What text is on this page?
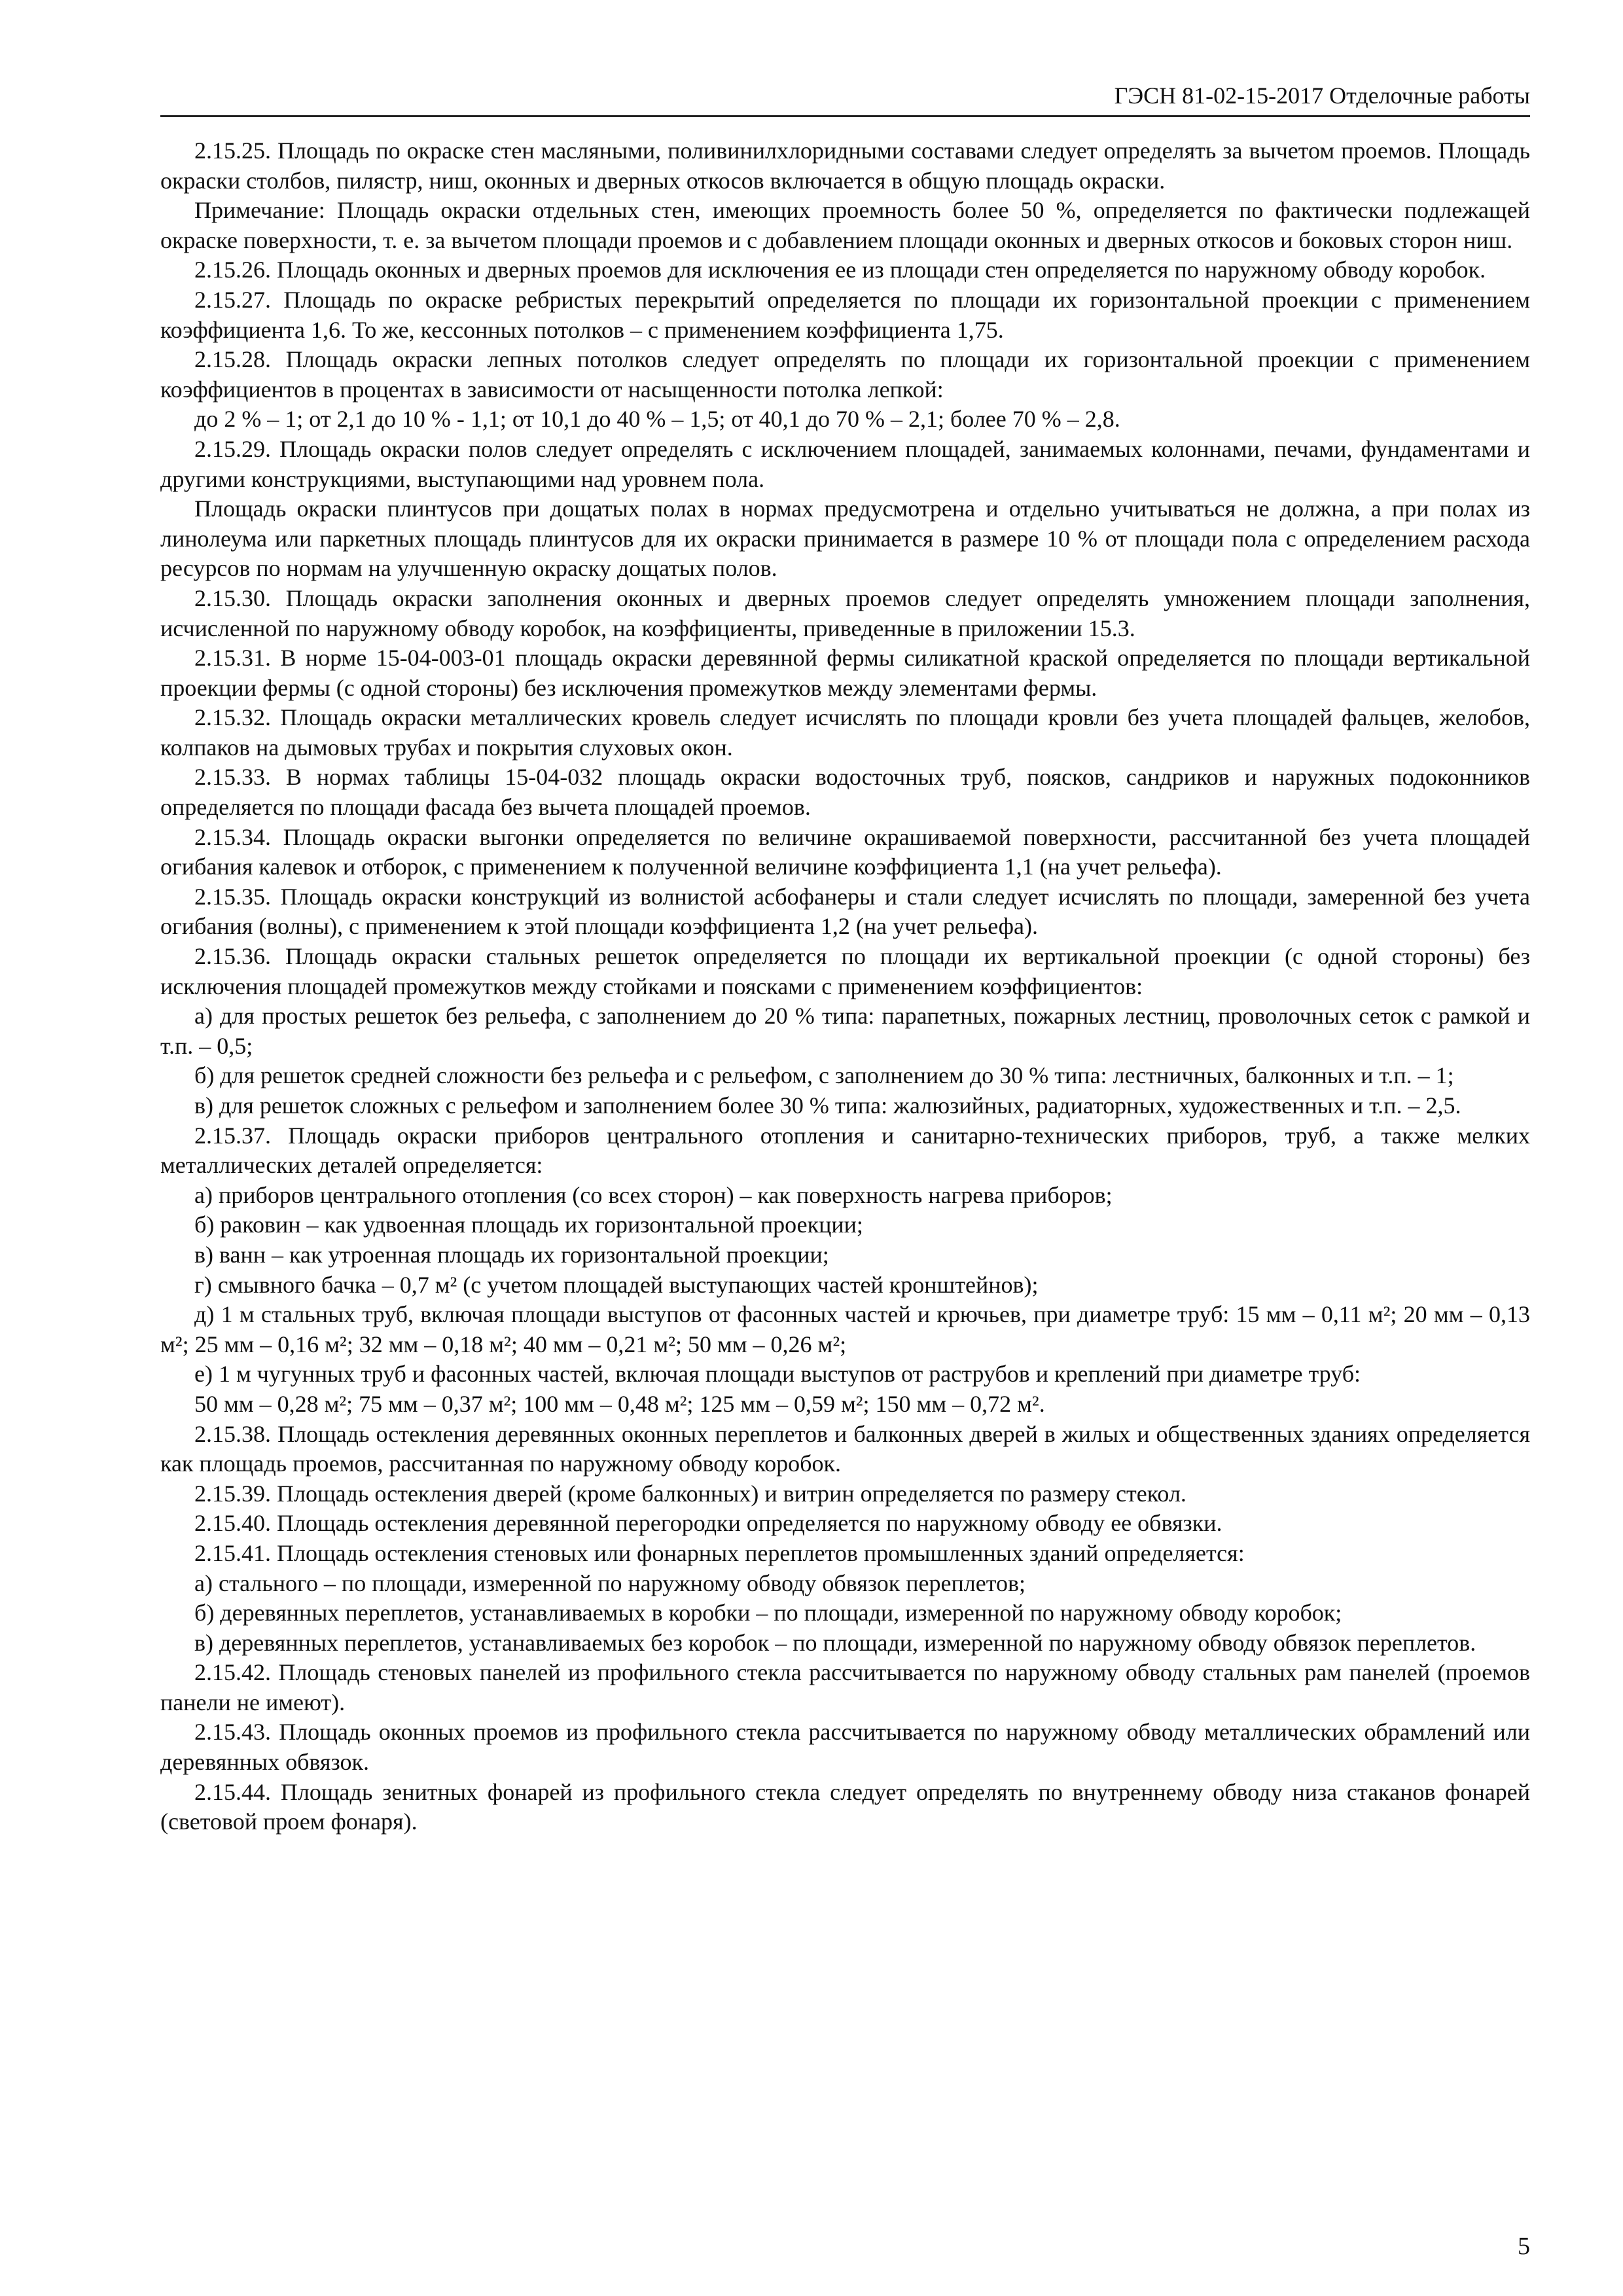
ГЭСН 81-02-15-2017 Отделочные работы

2.15.25. Площадь по окраске стен масляными, поливинилхлоридными составами следует определять за вычетом проемов. Площадь окраски столбов, пилястр, ниш, оконных и дверных откосов включается в общую площадь окраски.

Примечание: Площадь окраски отдельных стен, имеющих проемность более 50 %, определяется по фактически подлежащей окраске поверхности, т. е. за вычетом площади проемов и с добавлением площади оконных и дверных откосов и боковых сторон ниш.

2.15.26. Площадь оконных и дверных проемов для исключения ее из площади стен определяется по наружному обводу коробок.

2.15.27. Площадь по окраске ребристых перекрытий определяется по площади их горизонтальной проекции с применением коэффициента 1,6. То же, кессонных потолков – с применением коэффициента 1,75.

2.15.28. Площадь окраски лепных потолков следует определять по площади их горизонтальной проекции с применением коэффициентов в процентах в зависимости от насыщенности потолка лепкой:

до 2 % – 1; от 2,1 до 10 % - 1,1; от 10,1 до 40 % – 1,5; от 40,1 до 70 % – 2,1; более 70 % – 2,8.

2.15.29. Площадь окраски полов следует определять с исключением площадей, занимаемых колоннами, печами, фундаментами и другими конструкциями, выступающими над уровнем пола.

Площадь окраски плинтусов при дощатых полах в нормах предусмотрена и отдельно учитываться не должна, а при полах из линолеума или паркетных площадь плинтусов для их окраски принимается в размере 10 % от площади пола с определением расхода ресурсов по нормам на улучшенную окраску дощатых полов.

2.15.30. Площадь окраски заполнения оконных и дверных проемов следует определять умножением площади заполнения, исчисленной по наружному обводу коробок, на коэффициенты, приведенные в приложении 15.3.

2.15.31. В норме 15-04-003-01 площадь окраски деревянной фермы силикатной краской определяется по площади вертикальной проекции фермы (с одной стороны) без исключения промежутков между элементами фермы.

2.15.32. Площадь окраски металлических кровель следует исчислять по площади кровли без учета площадей фальцев, желобов, колпаков на дымовых трубах и покрытия слуховых окон.

2.15.33. В нормах таблицы 15-04-032 площадь окраски водосточных труб, поясков, сандриков и наружных подоконников определяется по площади фасада без вычета площадей проемов.

2.15.34. Площадь окраски выгонки определяется по величине окрашиваемой поверхности, рассчитанной без учета площадей огибания калевок и отборок, с применением к полученной величине коэффициента 1,1 (на учет рельефа).

2.15.35. Площадь окраски конструкций из волнистой асбофанеры и стали следует исчислять по площади, замеренной без учета огибания (волны), с применением к этой площади коэффициента 1,2 (на учет рельефа).

2.15.36. Площадь окраски стальных решеток определяется по площади их вертикальной проекции (с одной стороны) без исключения площадей промежутков между стойками и поясками с применением коэффициентов:

а) для простых решеток без рельефа, с заполнением до 20 % типа: парапетных, пожарных лестниц, проволочных сеток с рамкой и т.п. – 0,5;

б) для решеток средней сложности без рельефа и с рельефом, с заполнением до 30 % типа: лестничных, балконных и т.п. – 1;

в) для решеток сложных с рельефом и заполнением более 30 % типа: жалюзийных, радиаторных, художественных и т.п. – 2,5.

2.15.37. Площадь окраски приборов центрального отопления и санитарно-технических приборов, труб, а также мелких металлических деталей определяется:

а) приборов центрального отопления (со всех сторон) – как поверхность нагрева приборов;

б) раковин – как удвоенная площадь их горизонтальной проекции;

в) ванн – как утроенная площадь их горизонтальной проекции;

г) смывного бачка – 0,7 м² (с учетом площадей выступающих частей кронштейнов);

д) 1 м стальных труб, включая площади выступов от фасонных частей и крючьев, при диаметре труб: 15 мм – 0,11 м²; 20 мм – 0,13 м²; 25 мм – 0,16 м²; 32 мм – 0,18 м²; 40 мм – 0,21 м²; 50 мм – 0,26 м²;

е) 1 м чугунных труб и фасонных частей, включая площади выступов от раструбов и креплений при диаметре труб:

50 мм – 0,28 м²; 75 мм – 0,37 м²; 100 мм – 0,48 м²; 125 мм – 0,59 м²; 150 мм – 0,72 м².

2.15.38. Площадь остекления деревянных оконных переплетов и балконных дверей в жилых и общественных зданиях определяется как площадь проемов, рассчитанная по наружному обводу коробок.

2.15.39. Площадь остекления дверей (кроме балконных) и витрин определяется по размеру стекол.

2.15.40. Площадь остекления деревянной перегородки определяется по наружному обводу ее обвязки.

2.15.41. Площадь остекления стеновых или фонарных переплетов промышленных зданий определяется:

а) стального – по площади, измеренной по наружному обводу обвязок переплетов;

б) деревянных переплетов, устанавливаемых в коробки – по площади, измеренной по наружному обводу коробок;

в) деревянных переплетов, устанавливаемых без коробок – по площади, измеренной по наружному обводу обвязок переплетов.

2.15.42. Площадь стеновых панелей из профильного стекла рассчитывается по наружному обводу стальных рам панелей (проемов панели не имеют).

2.15.43. Площадь оконных проемов из профильного стекла рассчитывается по наружному обводу металлических обрамлений или деревянных обвязок.

2.15.44. Площадь зенитных фонарей из профильного стекла следует определять по внутреннему обводу низа стаканов фонарей (световой проем фонаря).

5
